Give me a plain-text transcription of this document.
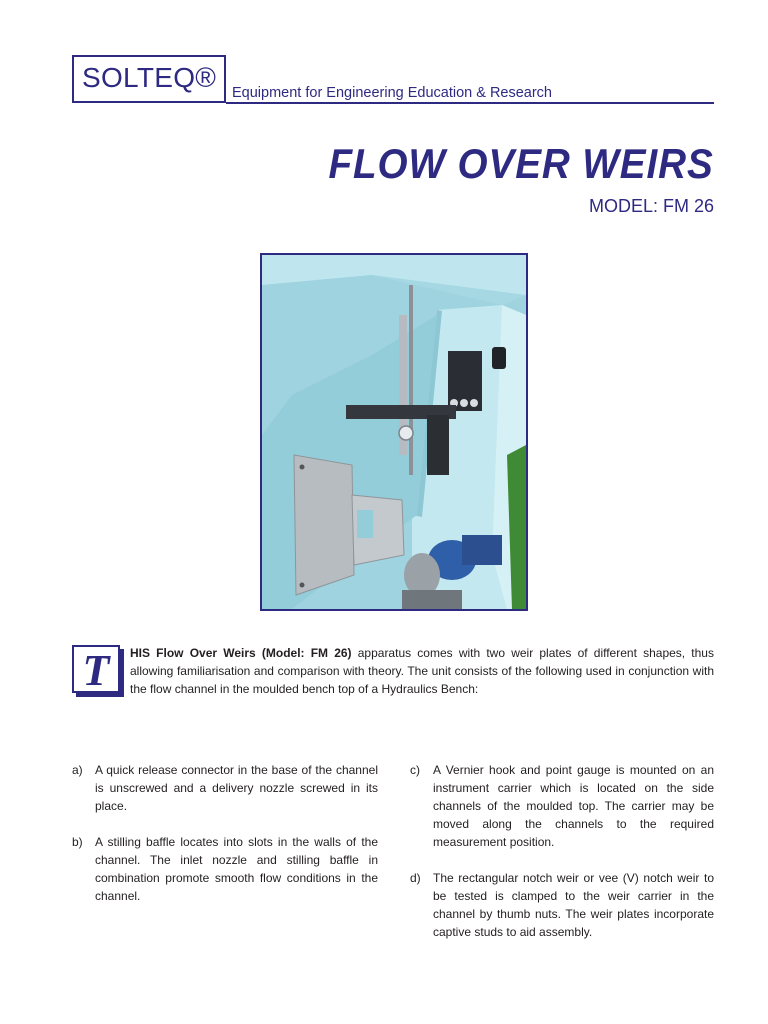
SOLTEQ® Equipment for Engineering Education & Research
FLOW OVER WEIRS
MODEL: FM 26
T	HIS Flow Over Weirs (Model: FM 26) apparatus comes with two weir plates of different shapes, thus allowing familiarisation and comparison with theory. The unit consists of the following used in conjunction with the flow channel in the moulded bench top of a Hydraulics Bench:
a) A quick release connector in the base of the channel is unscrewed and a delivery nozzle screwed in its place.
b) A stilling baffle locates into slots in the walls of the channel. The inlet nozzle and stilling baffle in combination promote smooth flow conditions in the channel.
c) A Vernier hook and point gauge is mounted on an instrument carrier which is located on the side channels of the moulded top. The carrier may be moved along the channels to the required measurement position.
d) The rectangular notch weir or vee (V) notch weir to be tested is clamped to the weir carrier in the channel by thumb nuts. The weir plates incorporate captive studs to aid assembly.
